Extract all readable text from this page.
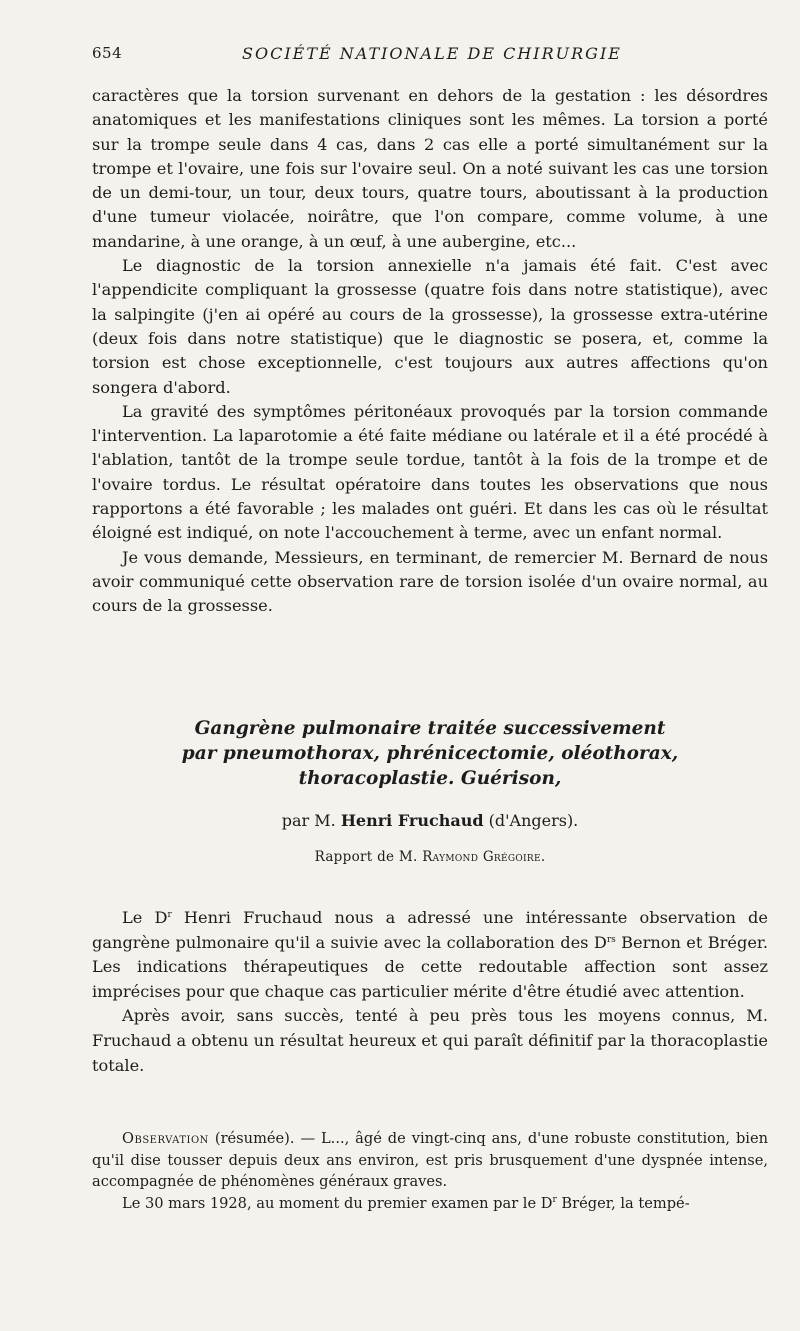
654	SOCIÉTÉ NATIONALE DE CHIRURGIE

caractères que la torsion survenant en dehors de la gestation : les désordres anatomiques et les manifestations cliniques sont les mêmes. La torsion a porté sur la trompe seule dans 4 cas, dans 2 cas elle a porté simultanément sur la trompe et l'ovaire, une fois sur l'ovaire seul. On a noté suivant les cas une torsion de un demi-tour, un tour, deux tours, quatre tours, aboutissant à la production d'une tumeur violacée, noirâtre, que l'on compare, comme volume, à une mandarine, à une orange, à un œuf, à une aubergine, etc...

Le diagnostic de la torsion annexielle n'a jamais été fait. C'est avec l'appendicite compliquant la grossesse (quatre fois dans notre statistique), avec la salpingite (j'en ai opéré au cours de la grossesse), la grossesse extra-utérine (deux fois dans notre statistique) que le diagnostic se posera, et, comme la torsion est chose exceptionnelle, c'est toujours aux autres affections qu'on songera d'abord.

La gravité des symptômes péritonéaux provoqués par la torsion commande l'intervention. La laparotomie a été faite médiane ou latérale et il a été procédé à l'ablation, tantôt de la trompe seule tordue, tantôt à la fois de la trompe et de l'ovaire tordus. Le résultat opératoire dans toutes les observations que nous rapportons a été favorable ; les malades ont guéri. Et dans les cas où le résultat éloigné est indiqué, on note l'accouchement à terme, avec un enfant normal.

Je vous demande, Messieurs, en terminant, de remercier M. Bernard de nous avoir communiqué cette observation rare de torsion isolée d'un ovaire normal, au cours de la grossesse.

Gangrène pulmonaire traitée successivement
par pneumothorax, phrénicectomie, oléothorax,
thoracoplastie. Guérison,
par M. Henri Fruchaud (d'Angers).
Rapport de M. Raymond Grégoire.

Le $D^r$ Henri Fruchaud nous a adressé une intéressante observation de gangrène pulmonaire qu'il a suivie avec la collaboration des $D^{rs}$ Bernon et Bréger. Les indications thérapeutiques de cette redoutable affection sont assez imprécises pour que chaque cas particulier mérite d'être étudié avec attention.

Après avoir, sans succès, tenté à peu près tous les moyens connus, M. Fruchaud a obtenu un résultat heureux et qui paraît définitif par la thoracoplastie totale.

Observation (résumée). — L..., âgé de vingt-cinq ans, d'une robuste constitution, bien qu'il dise tousser depuis deux ans environ, est pris brusquement d'une dyspnée intense, accompagnée de phénomènes généraux graves.

Le 30 mars 1928, au moment du premier examen par le $D^r$ Bréger, la tempé-
